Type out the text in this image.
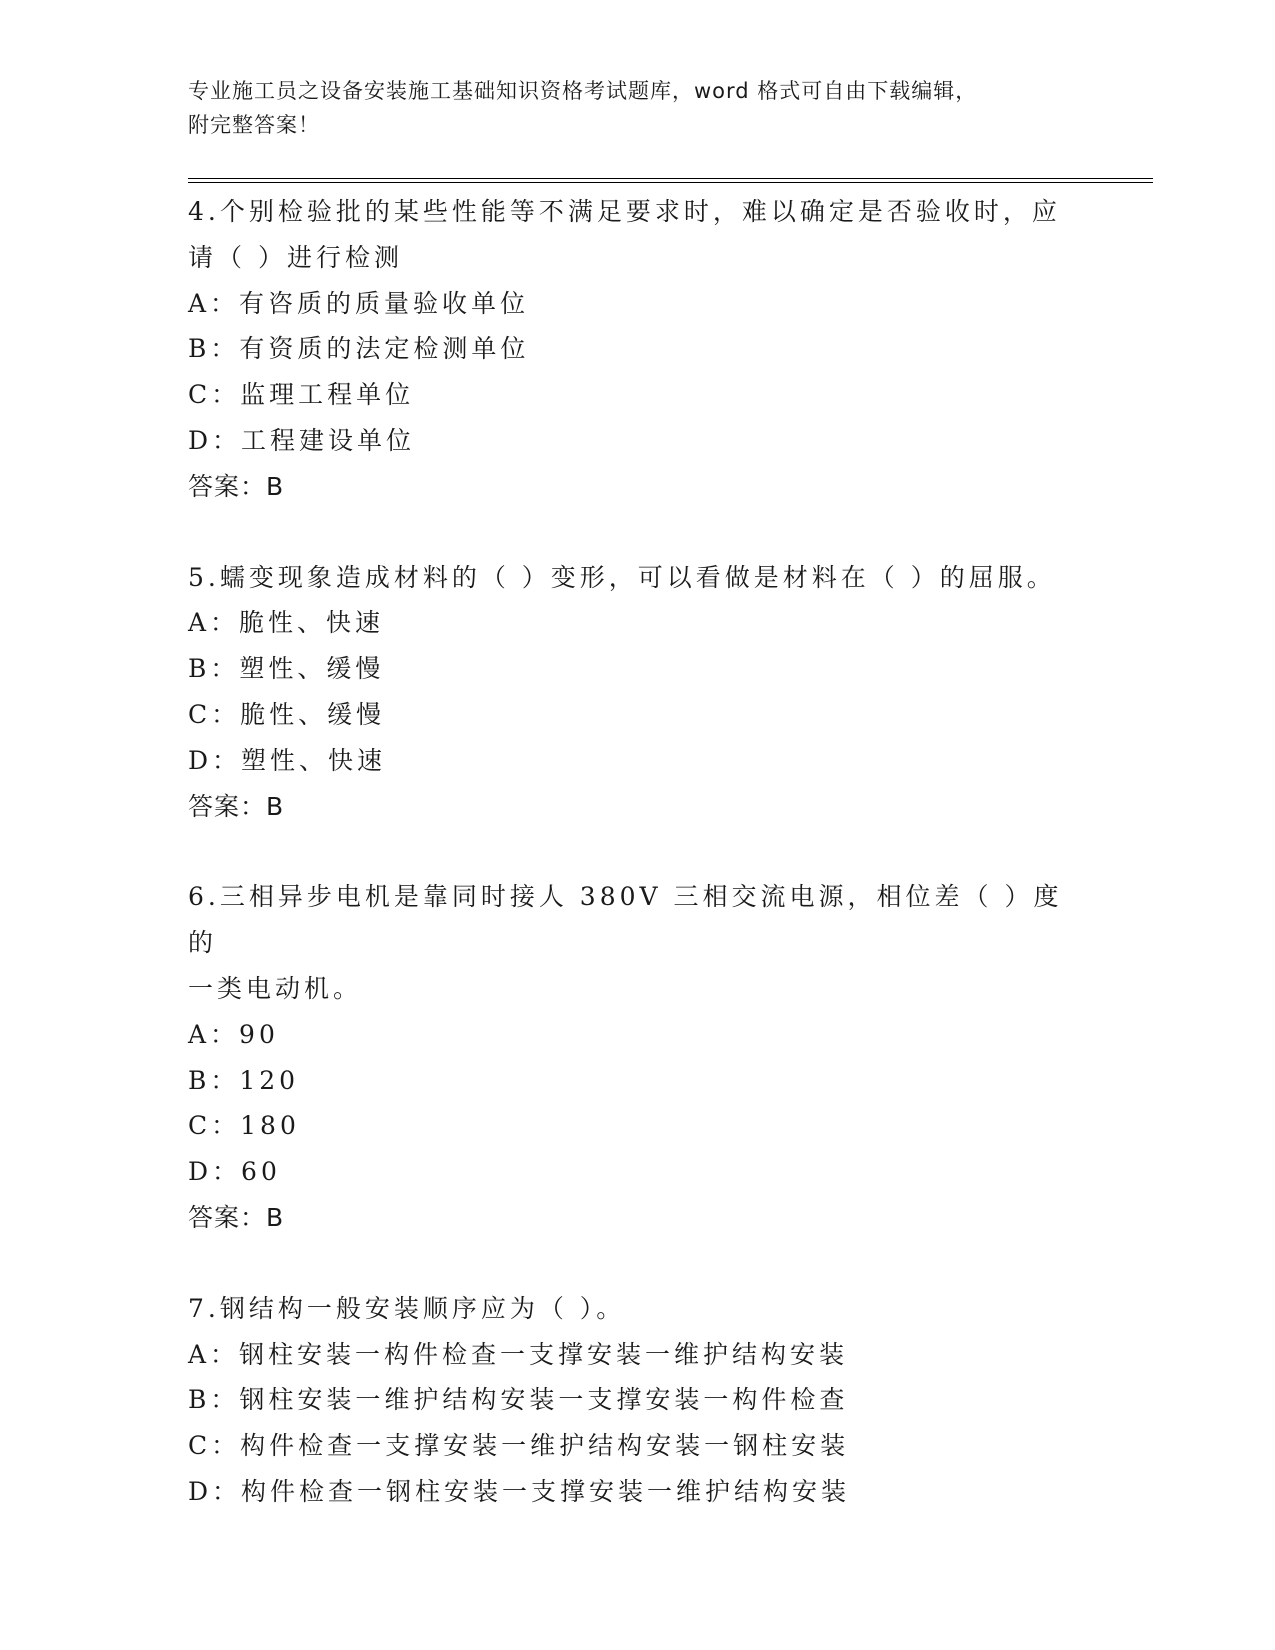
专业施工员之设备安装施工基础知识资格考试题库，word 格式可自由下载编辑，
附完整答案！
4.个别检验批的某些性能等不满足要求时，难以确定是否验收时，应
请（ ）进行检测
A：有咨质的质量验收单位
B：有资质的法定检测单位
C：监理工程单位
D：工程建设单位
答案：B
5.蠕变现象造成材料的（ ）变形，可以看做是材料在（ ）的屈服。
A：脆性、快速
B：塑性、缓慢
C：脆性、缓慢
D：塑性、快速
答案：B
6.三相异步电机是靠同时接人 380V 三相交流电源，相位差（ ）度的
一类电动机。
A：90
B：120
C：180
D：60
答案：B
7.钢结构一般安装顺序应为（ ）。
A：钢柱安装一构件检查一支撑安装一维护结构安装
B：钢柱安装一维护结构安装一支撑安装一构件检查
C：构件检查一支撑安装一维护结构安装一钢柱安装
D：构件检查一钢柱安装一支撑安装一维护结构安装
